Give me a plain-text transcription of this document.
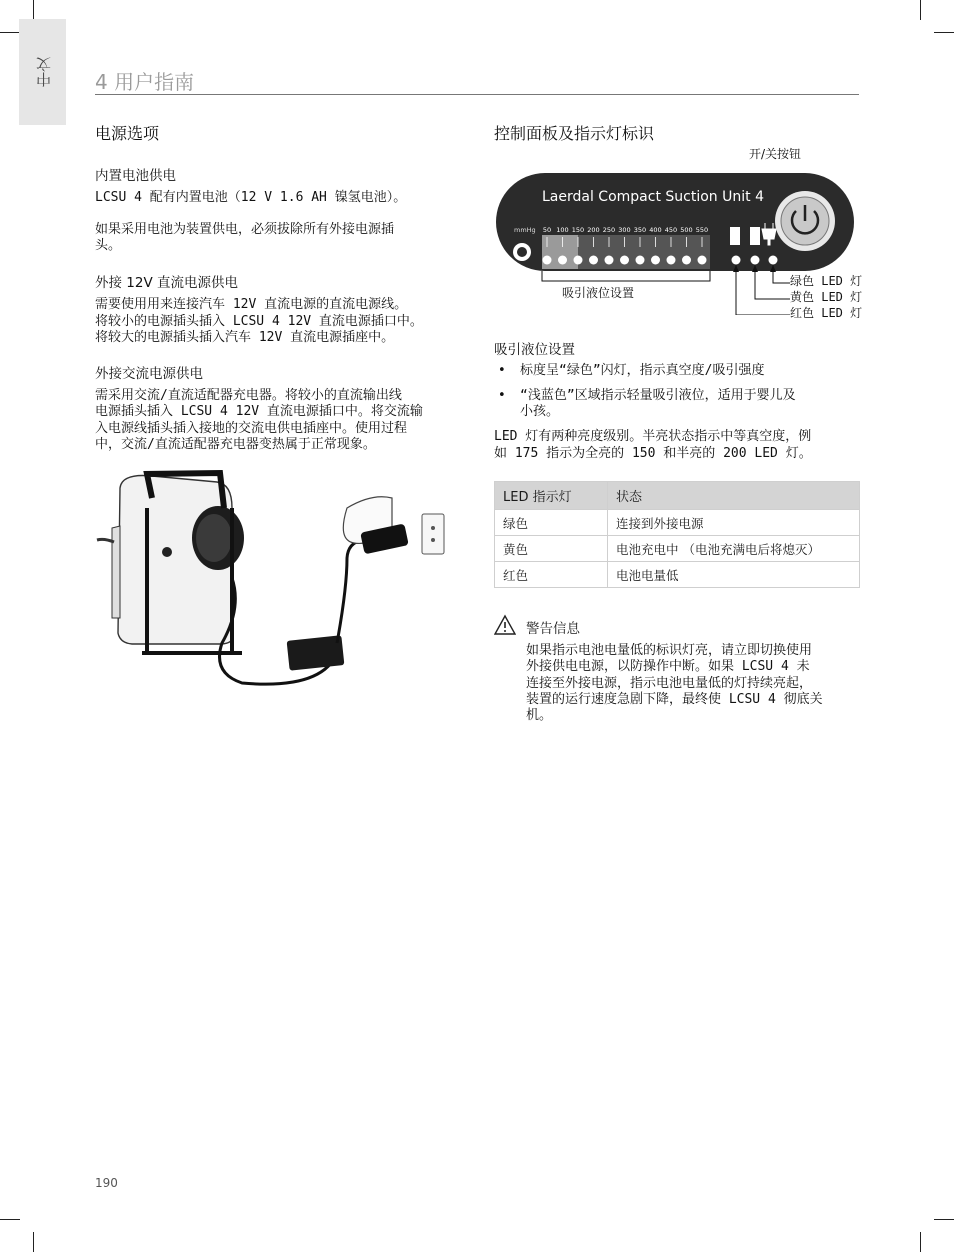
中文 4 用户指南
电源选项
内置电池供电
LCSU 4 配有内置电池（12 V 1.6 AH 镍氢电池）。
如果采用电池为装置供电，必须拔除所有外接电源插
头。
外接 12V 直流电源供电
需要使用用来连接汽车 12V 直流电源的直流电源线。
将较小的电源插头插入 LCSU 4 12V 直流电源插口中。
将较大的电源插头插入汽车 12V 直流电源插座中。
外接交流电源供电
需采用交流/直流适配器充电器。将较小的直流输出线
电源插头插入 LCSU 4 12V 直流电源插口中。将交流输
入电源线插头插入接地的交流电供电插座中。使用过程
中，交流/直流适配器充电器变热属于正常现象。
控制面板及指示灯标识
开/关按钮
Laerdal Compact Suction Unit 4
mmHg 50 100 150 200 250 300 350 400 450 500 550
吸引液位设置
绿色 LED 灯
黄色 LED 灯
红色 LED 灯
吸引液位设置
• 标度呈“绿色”闪灯，指示真空度/吸引强度
• “浅蓝色”区域指示轻量吸引液位，适用于婴儿及
小孩。
LED 灯有两种亮度级别。半亮状态指示中等真空度，例
如 175 指示为全亮的 150 和半亮的 200 LED 灯。
LED 指示灯	状态
绿色	连接到外接电源
黄色	电池充电中 （电池充满电后将熄灭）
红色	电池电量低
警告信息
如果指示电池电量低的标识灯亮，请立即切换使用
外接供电电源，以防操作中断。如果 LCSU 4 未
连接至外接电源，指示电池电量低的灯持续亮起，
装置的运行速度急剧下降，最终使 LCSU 4 彻底关
机。
190
